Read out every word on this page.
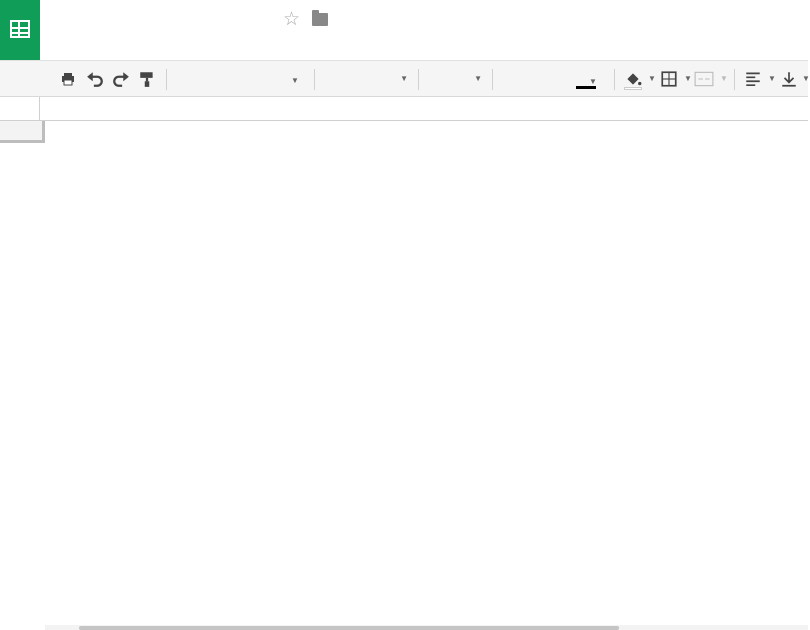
☆
▼	▼	▼	▼	▼	▼	▼	▼	▼
